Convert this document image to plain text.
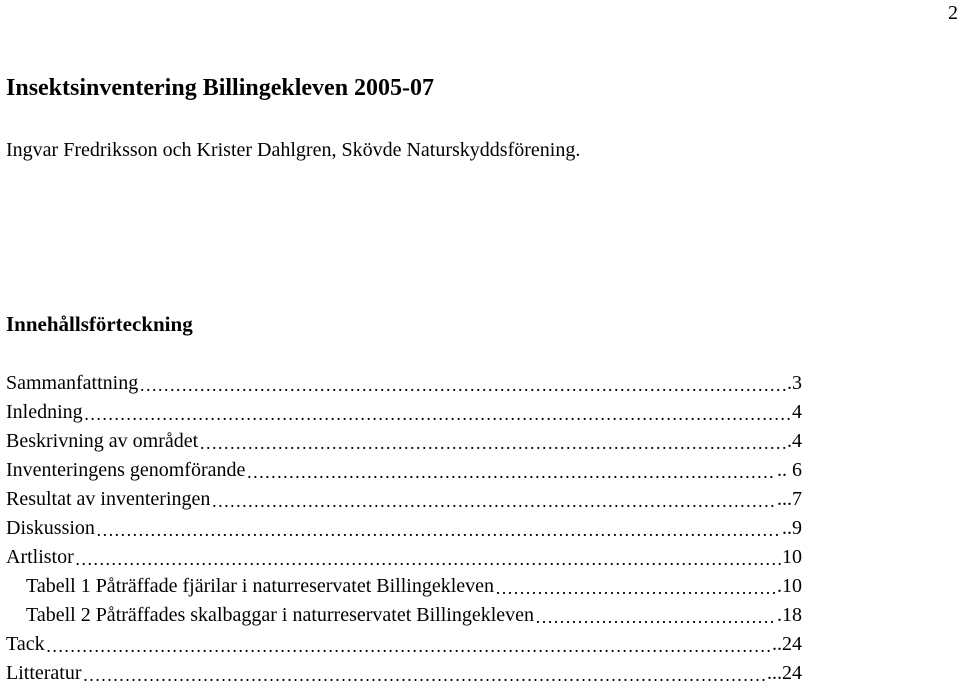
2
Insektsinventering Billingekleven 2005-07

Ingvar Fredriksson och Krister Dahlgren, Skövde Naturskyddsförening.

Innehållsförteckning
Sammanfattning …………………………………………………………………………………………………………………………………………………………………	.3
Inledning …………………………………………………………………………………………………………………………………………………………………	4
Beskrivning av området …………………………………………………………………………………………………………………………………………………………………	.4
Inventeringens genomförande …………………………………………………………………………………………………………………………………………………………………	.. 6
Resultat av inventeringen …………………………………………………………………………………………………………………………………………………………………	...7
Diskussion …………………………………………………………………………………………………………………………………………………………………	..9
Artlistor …………………………………………………………………………………………………………………………………………………………………	10
Tabell 1 Påträffade fjärilar i naturreservatet Billingekleven …………………………………………………………………………………………………………………………………………………………………	.10
Tabell 2 Påträffades skalbaggar i naturreservatet Billingekleven …………………………………………………………………………………………………………………………………………………………………	.18
Tack …………………………………………………………………………………………………………………………………………………………………	..24
Litteratur …………………………………………………………………………………………………………………………………………………………………	...24
